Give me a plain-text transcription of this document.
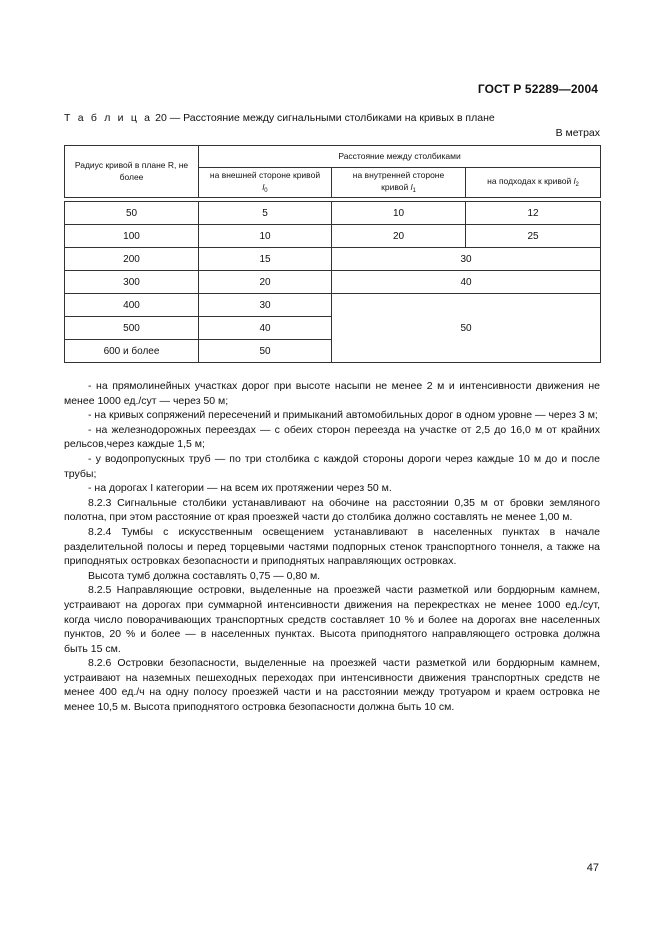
ГОСТ Р 52289—2004
Т а б л и ц а 20 — Расстояние между сигнальными столбиками на кривых в плане
В метрах
Радиус кривой в плане R, не более	Расстояние между столбиками		

	на внешней стороне кривой $l_0$	на внутренней стороне кривой $l_1$	на подходах к кривой $l_2$

50	5	10	12
100	10	20	25
200	15	30	
300	20	40	
400	30	50	
500	40		
600 и более	50		

- на прямолинейных участках дорог при высоте насыпи не менее 2 м и интенсивности движения не менее 1000 ед./сут — через 50 м;

- на кривых сопряжений пересечений и примыканий автомобильных дорог в одном уровне — через 3 м;

- на железнодорожных переездах — с обеих сторон переезда на участке от 2,5 до 16,0 м от крайних рельсов,через каждые 1,5 м;

- у водопропускных труб — по три столбика с каждой стороны дороги через каждые 10 м до и после трубы;

- на дорогах I категории — на всем их протяжении через 50 м.

8.2.3 Сигнальные столбики устанавливают на обочине на расстоянии 0,35 м от бровки земляного полотна, при этом расстояние от края проезжей части до столбика должно составлять не менее 1,00 м.

8.2.4 Тумбы с искусственным освещением устанавливают в населенных пунктах в начале разделительной полосы и перед торцевыми частями подпорных стенок транспортного тоннеля, а также на приподнятых островках безопасности и приподнятых направляющих островках.

Высота тумб должна составлять 0,75 — 0,80 м.

8.2.5 Направляющие островки, выделенные на проезжей части разметкой или бордюрным камнем, устраивают на дорогах при суммарной интенсивности движения на перекрестках не менее 1000 ед./сут, когда число поворачивающих транспортных средств составляет 10 % и более на дорогах вне населенных пунктов, 20 % и более — в населенных пунктах. Высота приподнятого направляющего островка должна быть 15 см.

8.2.6 Островки безопасности, выделенные на проезжей части разметкой или бордюрным камнем, устраивают на наземных пешеходных переходах при интенсивности движения транспортных средств не менее 400 ед./ч на одну полосу проезжей части и на расстоянии между тротуаром и краем островка не менее 10,5 м. Высота приподнятого островка безопасности должна быть 10 см.

47
